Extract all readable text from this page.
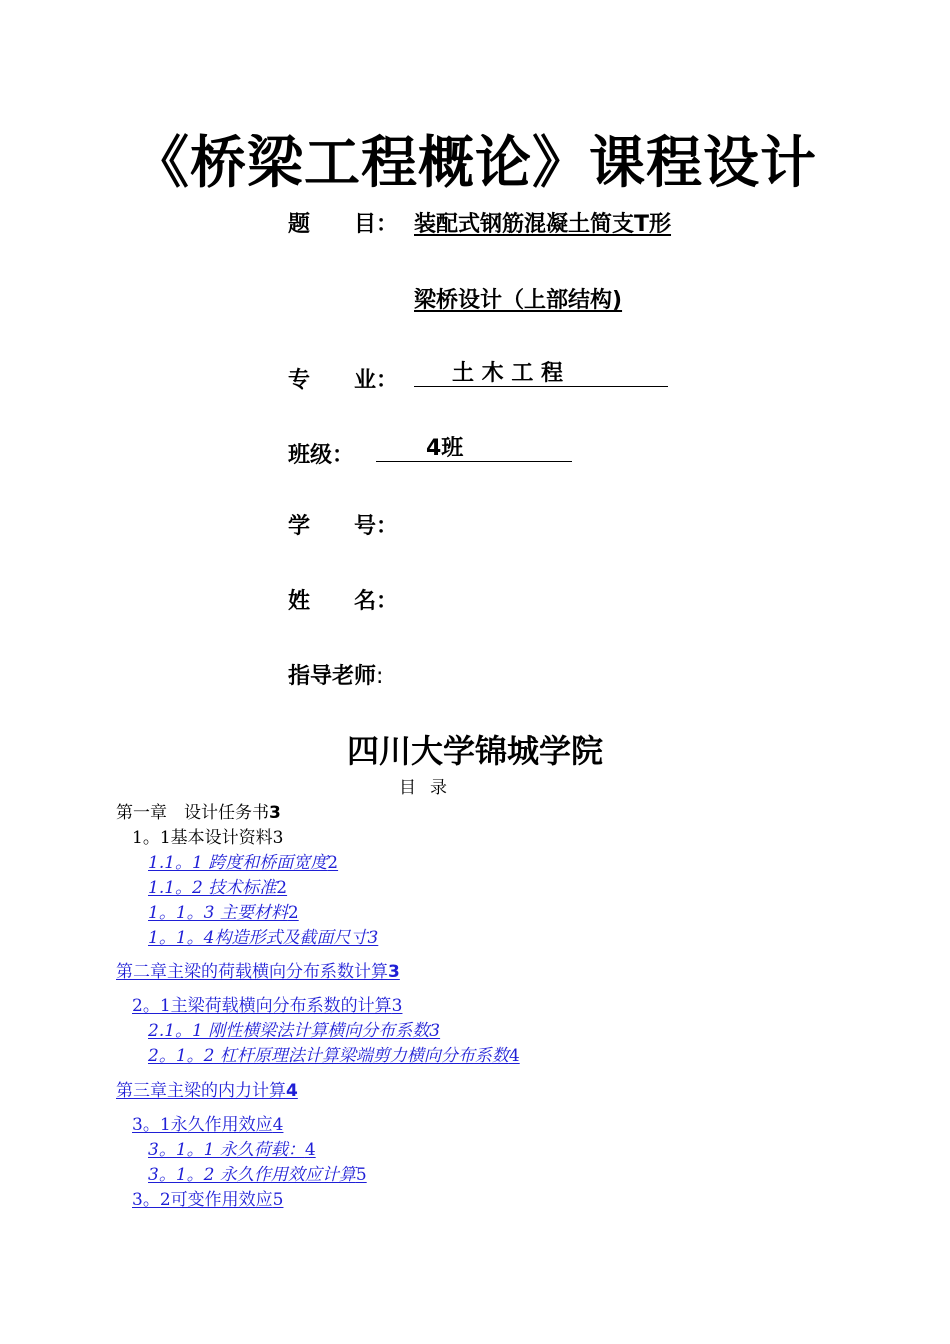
《桥梁工程概论》课程设计
题　　目： 装配式钢筋混凝土简支T形
梁桥设计（上部结构)
专　　业： 土 木 工 程
班级：	4班
学　　号：
姓　　名：
指导老师:
四川大学锦城学院
目录
第一章　设计任务书3
1。1基本设计资料3
1.1。1 跨度和桥面宽度2
1.1。2 技术标准2
1。1。3 主要材料2
1。1。4构造形式及截面尺寸3
第二章主梁的荷载横向分布系数计算3
2。1主梁荷载横向分布系数的计算3
2.1。1 刚性横梁法计算横向分布系数3
2。1。2 杠杆原理法计算梁端剪力横向分布系数4
第三章主梁的内力计算4
3。1永久作用效应4
3。1。1 永久荷载：4
3。1。2 永久作用效应计算5
3。2可变作用效应5
